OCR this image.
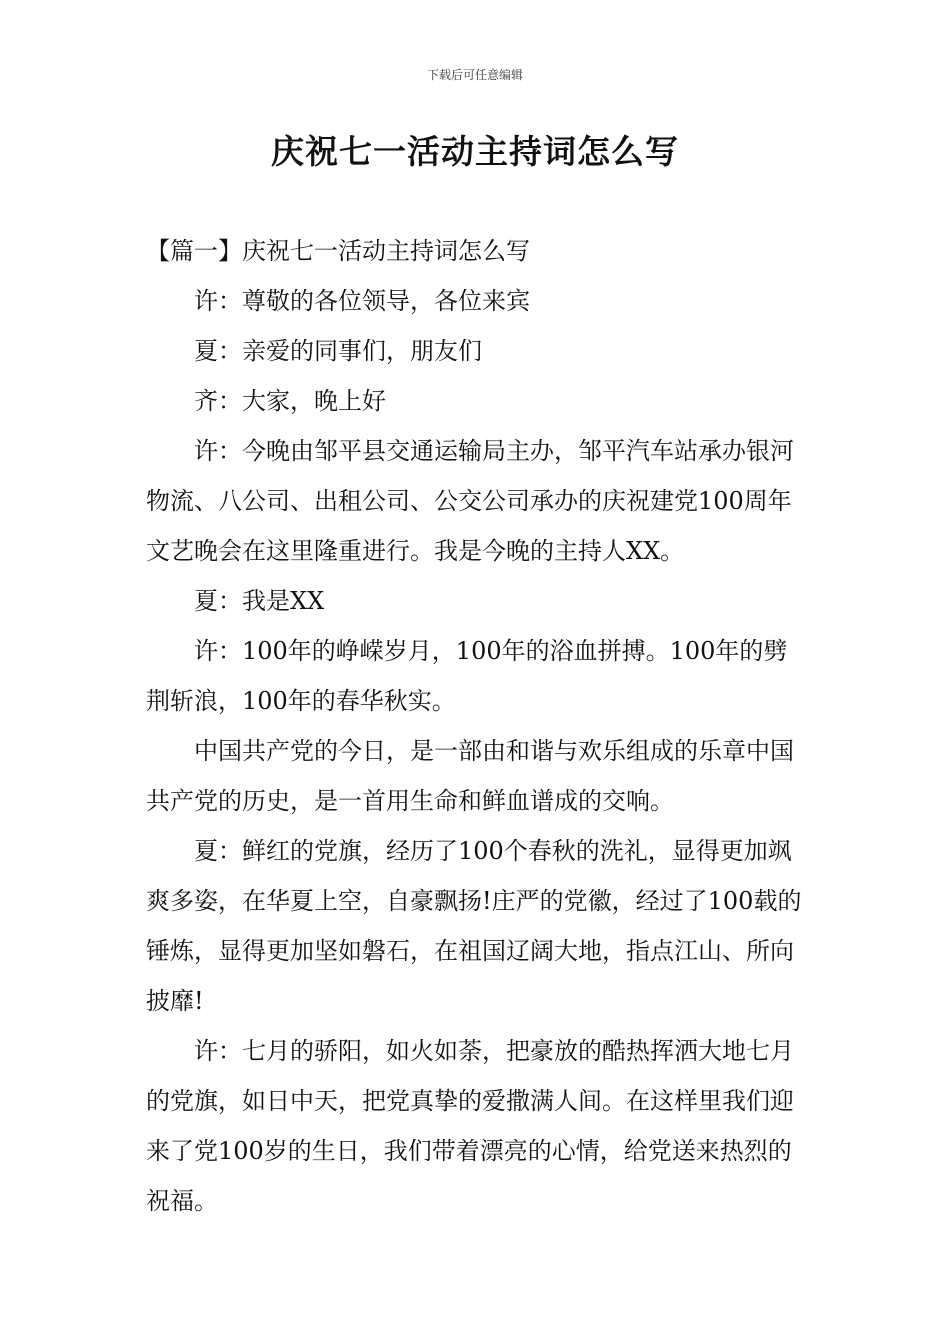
下载后可任意编辑
庆祝七一活动主持词怎么写

【篇一】庆祝七一活动主持词怎么写

许：尊敬的各位领导，各位来宾

夏：亲爱的同事们，朋友们

齐：大家，晚上好

许：今晚由邹平县交通运输局主办，邹平汽车站承办银河物流、八公司、出租公司、公交公司承办的庆祝建党100周年文艺晚会在这里隆重进行。我是今晚的主持人XX。

夏：我是XX

许：100年的峥嵘岁月，100年的浴血拼搏。100年的劈荆斩浪，100年的春华秋实。

中国共产党的今日，是一部由和谐与欢乐组成的乐章中国共产党的历史，是一首用生命和鲜血谱成的交响。

夏：鲜红的党旗，经历了100个春秋的洗礼，显得更加飒爽多姿，在华夏上空，自豪飘扬!庄严的党徽，经过了100载的锤炼，显得更加坚如磐石，在祖国辽阔大地，指点江山、所向披靡!

许：七月的骄阳，如火如荼，把豪放的酷热挥洒大地七月的党旗，如日中天，把党真挚的爱撒满人间。在这样里我们迎来了党100岁的生日，我们带着漂亮的心情，给党送来热烈的祝福。
